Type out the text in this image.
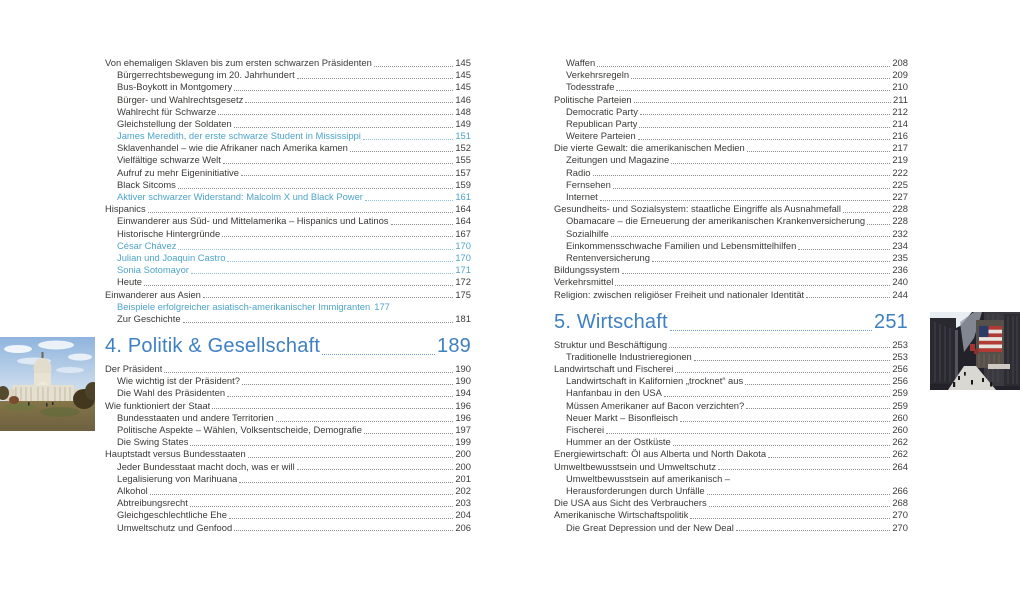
Von ehemaligen Sklaven bis zum ersten schwarzen Präsidenten	145
Bürgerrechtsbewegung im 20. Jahrhundert	145
Bus-Boykott in Montgomery	145
Bürger- und Wahlrechtsgesetz	146
Wahlrecht für Schwarze	148
Gleichstellung der Soldaten	149
James Meredith, der erste schwarze Student in Mississippi	151
Sklavenhandel – wie die Afrikaner nach Amerika kamen	152
Vielfältige schwarze Welt	155
Aufruf zu mehr Eigeninitiative	157
Black Sitcoms	159
Aktiver schwarzer Widerstand: Malcolm X und Black Power	161
Hispanics	164
Einwanderer aus Süd- und Mittelamerika – Hispanics und Latinos	164
Historische Hintergründe	167
César Chávez	170
Julian und Joaquin Castro	170
Sonia Sotomayor	171
Heute	172
Einwanderer aus Asien	175
Beispiele erfolgreicher asiatisch-amerikanischer Immigranten 177
Zur Geschichte	181
4. Politik & Gesellschaft	189
Der Präsident	190
Wie wichtig ist der Präsident?	190
Die Wahl des Präsidenten	194
Wie funktioniert der Staat	196
Bundesstaaten und andere Territorien	196
Politische Aspekte – Wählen, Volksentscheide, Demografie	197
Die Swing States	199
Hauptstadt versus Bundesstaaten	200
Jeder Bundesstaat macht doch, was er will	200
Legalisierung von Marihuana	201
Alkohol	202
Abtreibungsrecht	203
Gleichgeschlechtliche Ehe	204
Umweltschutz und Genfood	206
Waffen	208
Verkehrsregeln	209
Todesstrafe	210
Politische Parteien	211
Democratic Party	212
Republican Party	214
Weitere Parteien	216
Die vierte Gewalt: die amerikanischen Medien	217
Zeitungen und Magazine	219
Radio	222
Fernsehen	225
Internet	227
Gesundheits- und Sozialsystem: staatliche Eingriffe als Ausnahmefall	228
Obamacare – die Erneuerung der amerikanischen Krankenversicherung	228
Sozialhilfe	232
Einkommensschwache Familien und Lebensmittelhilfen	234
Rentenversicherung	235
Bildungssystem	236
Verkehrsmittel	240
Religion: zwischen religiöser Freiheit und nationaler Identität	244
5. Wirtschaft	251
Struktur und Beschäftigung	253
Traditionelle Industrieregionen	253
Landwirtschaft und Fischerei	256
Landwirtschaft in Kalifornien „trocknet“ aus	256
Hanfanbau in den USA	259
Müssen Amerikaner auf Bacon verzichten?	259
Neuer Markt – Bisonfleisch	260
Fischerei	260
Hummer an der Ostküste	262
Energiewirtschaft: Öl aus Alberta und North Dakota	262
Umweltbewusstsein und Umweltschutz	264
Umweltbewusstsein auf amerikanisch –
Herausforderungen durch Unfälle	266
Die USA aus Sicht des Verbrauchers	268
Amerikanische Wirtschaftspolitik	270
Die Great Depression und der New Deal	270
